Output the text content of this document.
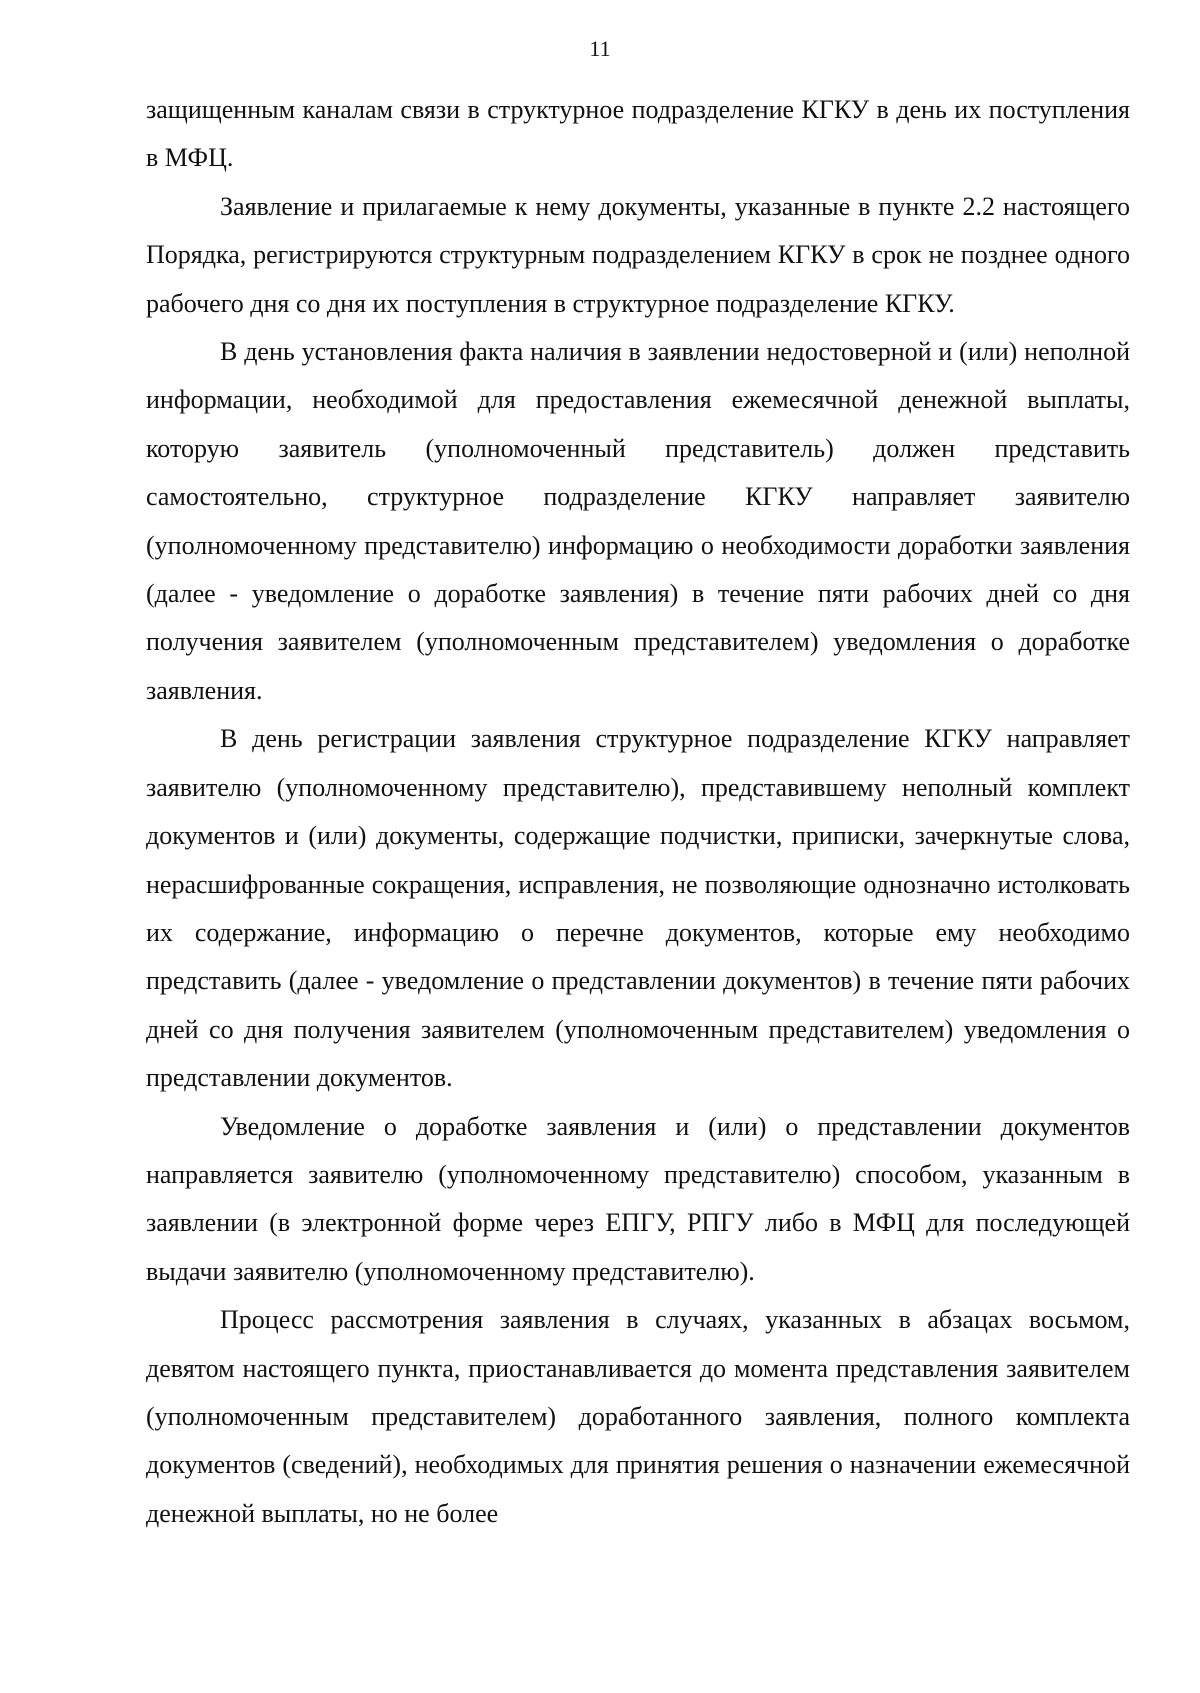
11

защищенным каналам связи в структурное подразделение КГКУ в день их поступления в МФЦ.

Заявление и прилагаемые к нему документы, указанные в пункте 2.2 настоящего Порядка, регистрируются структурным подразделением КГКУ в срок не позднее одного рабочего дня со дня их поступления в структурное подразделение КГКУ.

В день установления факта наличия в заявлении недостоверной и (или) неполной информации, необходимой для предоставления ежемесячной денежной выплаты, которую заявитель (уполномоченный представитель) должен представить самостоятельно, структурное подразделение КГКУ направляет заявителю (уполномоченному представителю) информацию о необходимости доработки заявления (далее - уведомление о доработке заявления) в течение пяти рабочих дней со дня получения заявителем (уполномоченным представителем) уведомления о доработке заявления.

В день регистрации заявления структурное подразделение КГКУ направляет заявителю (уполномоченному представителю), представившему неполный комплект документов и (или) документы, содержащие подчистки, приписки, зачеркнутые слова, нерасшифрованные сокращения, исправления, не позволяющие однозначно истолковать их содержание, информацию о перечне документов, которые ему необходимо представить (далее - уведомление о представлении документов) в течение пяти рабочих дней со дня получения заявителем (уполномоченным представителем) уведомления о представлении документов.

Уведомление о доработке заявления и (или) о представлении документов направляется заявителю (уполномоченному представителю) способом, указанным в заявлении (в электронной форме через ЕПГУ, РПГУ либо в МФЦ для последующей выдачи заявителю (уполномоченному представителю).

Процесс рассмотрения заявления в случаях, указанных в абзацах восьмом, девятом настоящего пункта, приостанавливается до момента представления заявителем (уполномоченным представителем) доработанного заявления, полного комплекта документов (сведений), необходимых для принятия решения о назначении ежемесячной денежной выплаты, но не более
